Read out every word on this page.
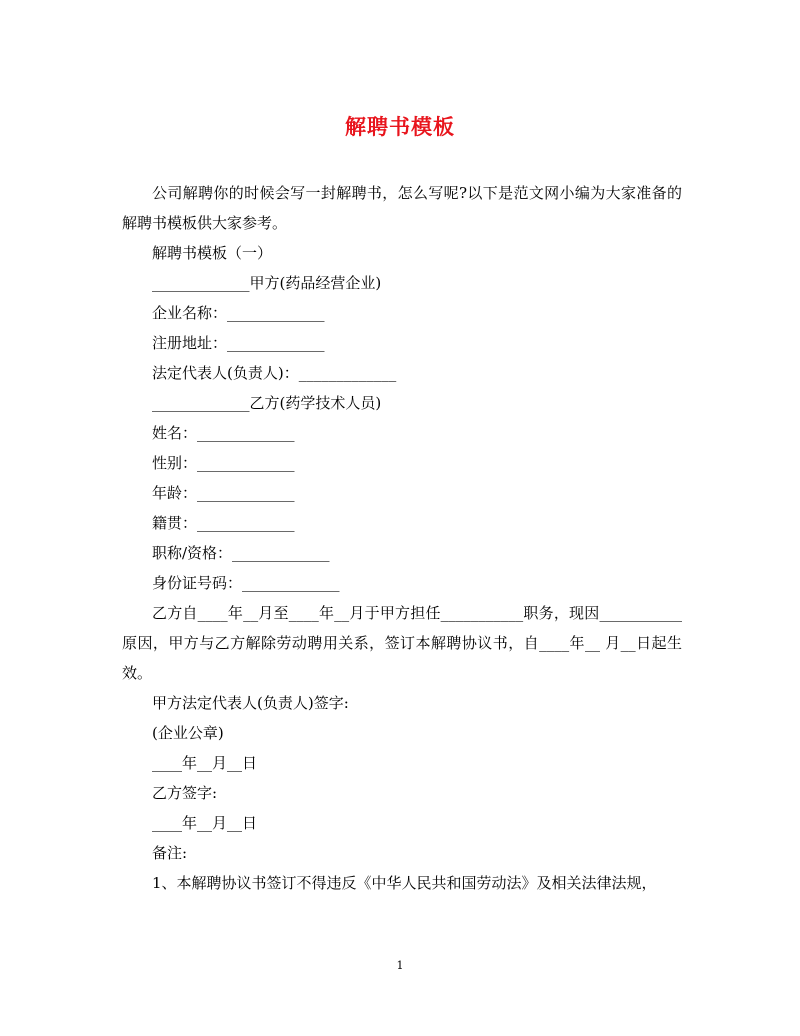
解聘书模板

公司解聘你的时候会写一封解聘书，怎么写呢?以下是范文网小编为大家准备的解聘书模板供大家参考。

解聘书模板（一）

_____________甲方(药品经营企业)

企业名称：_____________

注册地址：_____________

法定代表人(负责人)：_____________

_____________乙方(药学技术人员)

姓名：_____________

性别：_____________

年龄：_____________

籍贯：_____________

职称/资格：_____________

身份证号码：_____________

乙方自____年__月至____年__月于甲方担任___________职务，现因___________原因，甲方与乙方解除劳动聘用关系，签订本解聘协议书，自____年__ 月__日起生效。

甲方法定代表人(负责人)签字:

(企业公章)

____年__月__日

乙方签字:

____年__月__日

备注:

1、本解聘协议书签订不得违反《中华人民共和国劳动法》及相关法律法规，

1
